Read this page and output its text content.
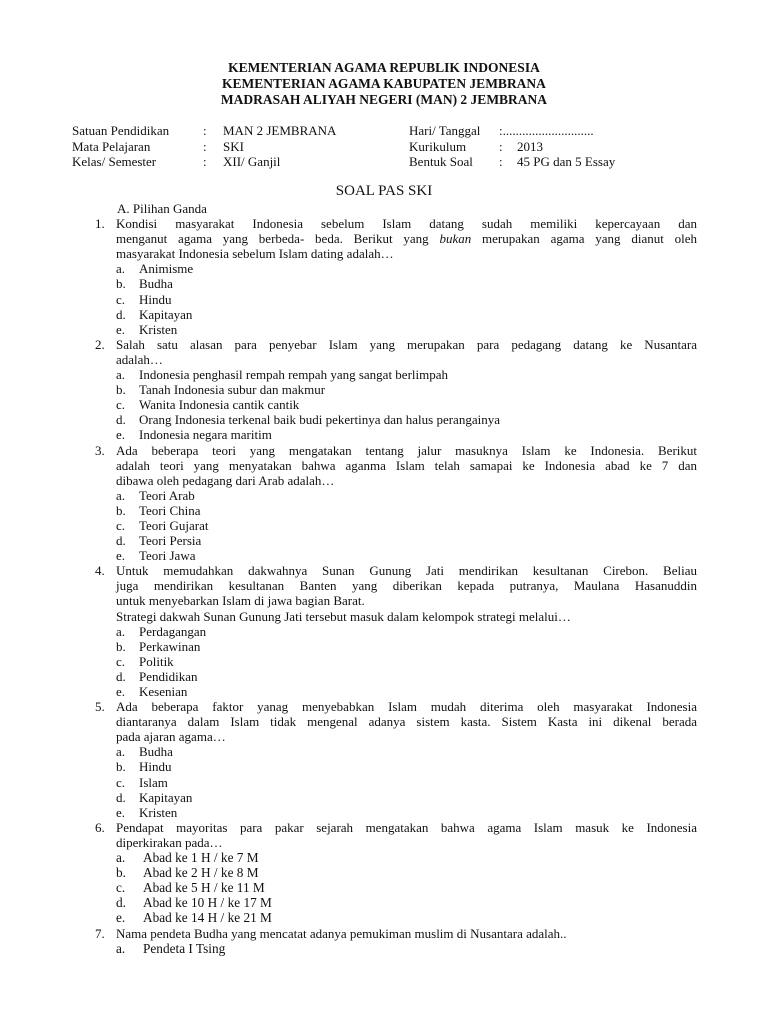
KEMENTERIAN AGAMA REPUBLIK INDONESIA
KEMENTERIAN AGAMA KABUPATEN JEMBRANA
MADRASAH ALIYAH NEGERI (MAN) 2 JEMBRANA
Satuan Pendidikan	:	MAN 2 JEMBRANA	Hari/ Tanggal	: ............................
Mata Pelajaran	:	SKI	Kurikulum	:	2013
Kelas/ Semester	:	XII/ Ganjil	Bentuk Soal	:	45 PG dan 5 Essay
SOAL PAS SKI
A. Pilihan Ganda
1. Kondisi masyarakat Indonesia sebelum Islam datang sudah memiliki kepercayaan dan
menganut agama yang berbeda- beda. Berikut yang bukan merupakan agama yang dianut oleh
masyarakat Indonesia sebelum Islam dating adalah…
a.	Animisme
b.	Budha
c.	Hindu
d.	Kapitayan
e.	Kristen
2. Salah satu alasan para penyebar Islam yang merupakan para pedagang datang ke Nusantara
adalah…
a.	Indonesia penghasil rempah rempah yang sangat berlimpah
b.	Tanah Indonesia subur dan makmur
c.	Wanita Indonesia cantik cantik
d.	Orang Indonesia terkenal baik budi pekertinya dan halus perangainya
e.	Indonesia negara maritim
3. Ada beberapa teori yang mengatakan tentang jalur masuknya Islam ke Indonesia. Berikut
adalah teori yang menyatakan bahwa aganma Islam telah samapai ke Indonesia abad ke 7 dan
dibawa oleh pedagang dari Arab adalah…
a.	Teori Arab
b.	Teori China
c.	Teori Gujarat
d.	Teori Persia
e.	Teori Jawa
4. Untuk memudahkan dakwahnya Sunan Gunung Jati mendirikan kesultanan Cirebon. Beliau
juga mendirikan kesultanan Banten yang diberikan kepada putranya, Maulana Hasanuddin
untuk menyebarkan Islam di jawa bagian Barat.
Strategi dakwah Sunan Gunung Jati tersebut masuk dalam kelompok strategi melalui…
a.	Perdagangan
b.	Perkawinan
c.	Politik
d.	Pendidikan
e.	Kesenian
5. Ada beberapa faktor yanag menyebabkan Islam mudah diterima oleh masyarakat Indonesia
diantaranya dalam Islam tidak mengenal adanya sistem kasta. Sistem Kasta ini dikenal berada
pada ajaran agama…
a.	Budha
b.	Hindu
c.	Islam
d.	Kapitayan
e.	Kristen
6. Pendapat mayoritas para pakar sejarah mengatakan bahwa agama Islam masuk ke Indonesia
diperkirakan pada…
a.	Abad ke 1 H / ke 7 M
b.	Abad ke 2 H / ke 8 M
c.	Abad ke 5 H / ke 11 M
d.	Abad ke 10 H / ke 17 M
e.	Abad ke 14 H / ke 21 M
7. Nama pendeta Budha yang mencatat adanya pemukiman muslim di Nusantara adalah..
a.	Pendeta I Tsing
